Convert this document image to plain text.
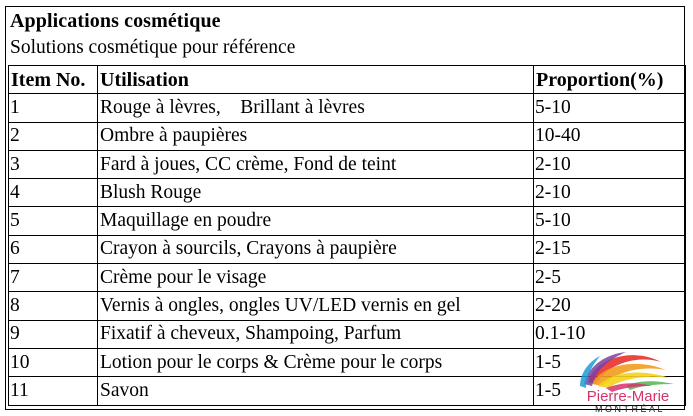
Applications cosmétique
Solutions cosmétique pour référence
Item No.	Utilisation	Proportion(%)
1	Rouge à lèvres,    Brillant à lèvres	5-10
2	Ombre à paupières	10-40
3	Fard à joues, CC crème, Fond de teint	2-10
4	Blush Rouge	2-10
5	Maquillage en poudre	5-10
6	Crayon à sourcils, Crayons à paupière	2-15
7	Crème pour le visage	2-5
8	Vernis à ongles, ongles UV/LED vernis en gel	2-20
9	Fixatif à cheveux, Shampoing, Parfum	0.1-10
10	Lotion pour le corps & Crème pour le corps	1-5
11	Savon	1-5 Pierre-Marie
MONTRÉAL
